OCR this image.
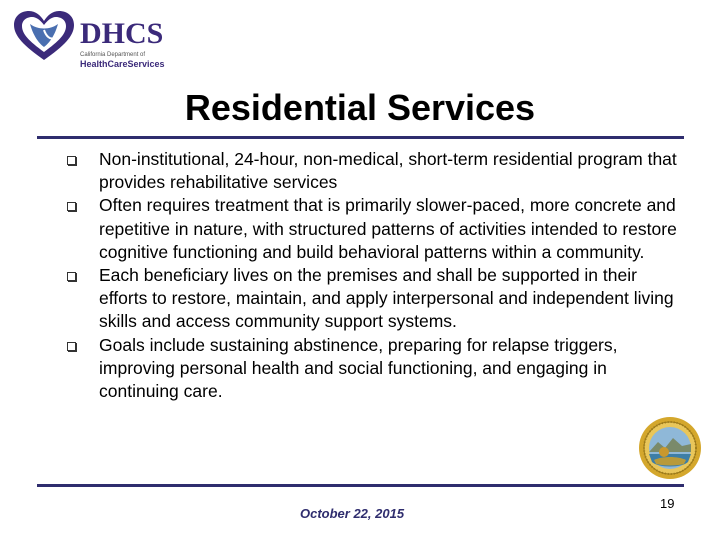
DHCS
California Department of
HealthCareServices
Residential Services
Non-institutional, 24-hour, non-medical, short-term residential program that provides rehabilitative services
Often requires treatment that is primarily slower-paced, more concrete and repetitive in nature, with structured patterns of activities intended to restore cognitive functioning and build behavioral patterns within a community.
Each beneficiary lives on the premises and shall be supported in their efforts to restore, maintain, and apply interpersonal and independent living skills and access community support systems.
Goals include sustaining abstinence, preparing for relapse triggers, improving personal health and social functioning, and engaging in continuing care.
October 22, 2015
19
